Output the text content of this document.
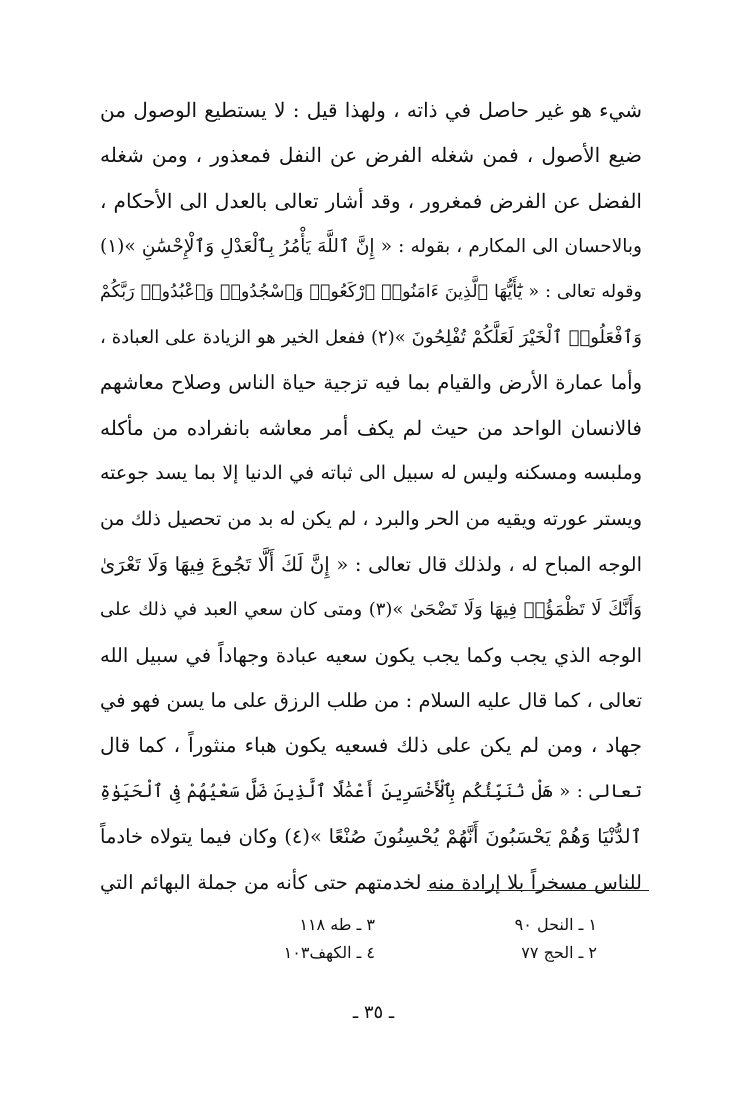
شيء هو غير حاصل في ذاته ، ولهذا قيل : لا يستطيع الوصول من
ضيع الأصول ، فمن شغله الفرض عن النفل فمعذور ، ومن شغله
الفضل عن الفرض فمغرور ، وقد أشار تعالى بالعدل الى الأحكام ،
وبالاحسان الى المكارم ، بقوله : « إِنَّ ٱللَّهَ يَأْمُرُ بِٱلْعَدْلِ وَٱلْإِحْسَٰنِ »(١)
وقوله تعالى : « يَٰٓأَيُّهَا ٱلَّذِينَ ءَامَنُوا۟ ٱرْكَعُوا۟ وَٱسْجُدُوا۟ وَٱعْبُدُوا۟ رَبَّكُمْ
وَٱفْعَلُوا۟ ٱلْخَيْرَ لَعَلَّكُمْ تُفْلِحُونَ »(٢) ففعل الخير هو الزيادة على العبادة ،
وأما عمارة الأرض والقيام بما فيه تزجية حياة الناس وصلاح معاشهم
فالانسان الواحد من حيث لم يكف أمر معاشه بانفراده من مأكله
وملبسه ومسكنه وليس له سبيل الى ثباته في الدنيا إلا بما يسد جوعته
ويستر عورته ويقيه من الحر والبرد ، لم يكن له بد من تحصيل ذلك من
الوجه المباح له ، ولذلك قال تعالى : « إِنَّ لَكَ أَلَّا تَجُوعَ فِيهَا وَلَا تَعْرَىٰ
وَأَنَّكَ لَا تَظْمَؤُا۟ فِيهَا وَلَا تَضْحَىٰ »(٣) ومتى كان سعي العبد في ذلك على
الوجه الذي يجب وكما يجب يكون سعيه عبادة وجهاداً في سبيل الله
تعالى ، كما قال عليه السلام : من طلب الرزق على ما يسن فهو في
جهاد ، ومن لم يكن على ذلك فسعيه يكون هباء منثوراً ، كما قال
تعالى : « هَلْ نُنَبِّئُكُم بِٱلْأَخْسَرِينَ أَعْمَٰلًا ٱلَّذِينَ ضَلَّ سَعْيُهُمْ فِى ٱلْحَيَوٰةِ
ٱلدُّنْيَا وَهُمْ يَحْسَبُونَ أَنَّهُمْ يُحْسِنُونَ صُنْعًا »(٤) وكان فيما يتولاه خادماً
للناس مسخراً بلا إرادة منه لخدمتهم حتى كأنه من جملة البهائم التي
١ ـ النحل ٩٠
٢ ـ الحج ٧٧
٣ ـ طه ١١٨
٤ ـ الكهف١٠٣
ـ ٣٥ ـ
